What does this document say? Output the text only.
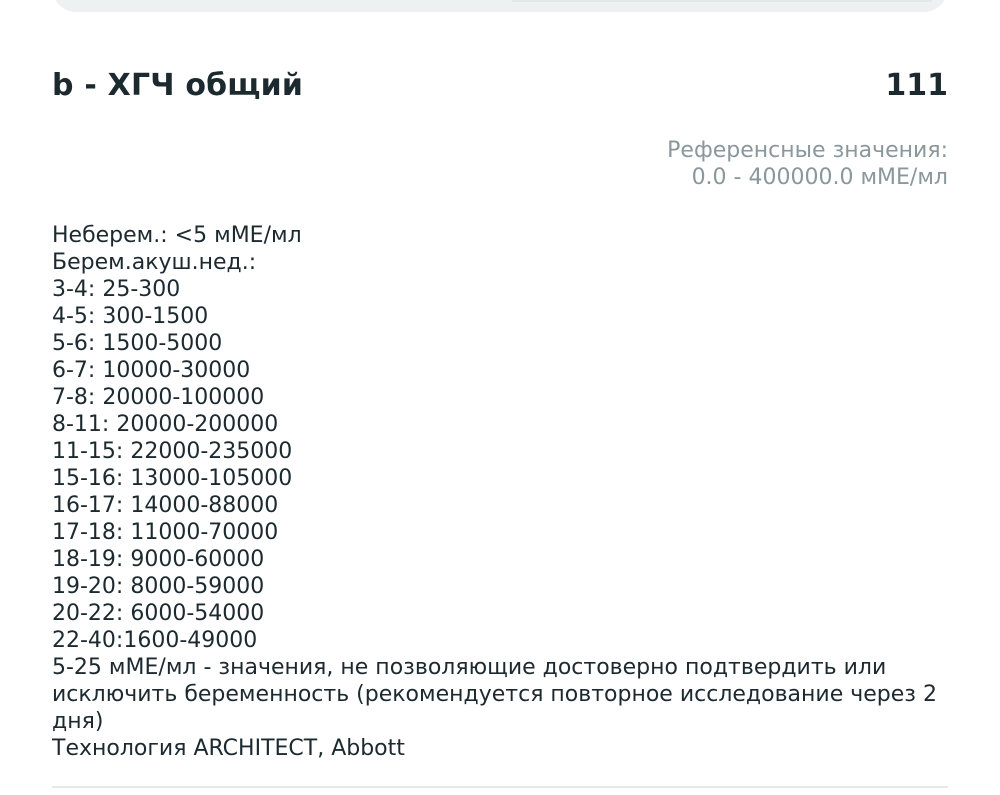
b - ХГЧ общий	111
Референсные значения:
0.0 - 400000.0 мМЕ/мл
Неберем.: <5 мМЕ/мл
Берем.акуш.нед.:
3-4: 25-300
4-5: 300-1500
5-6: 1500-5000
6-7: 10000-30000
7-8: 20000-100000
8-11: 20000-200000
11-15: 22000-235000
15-16: 13000-105000
16-17: 14000-88000
17-18: 11000-70000
18-19: 9000-60000
19-20: 8000-59000
20-22: 6000-54000
22-40:1600-49000
5-25 мМЕ/мл - значения, не позволяющие достоверно подтвердить или исключить беременность (рекомендуется повторное исследование через 2 дня)
Технология ARCHITECT, Abbott
